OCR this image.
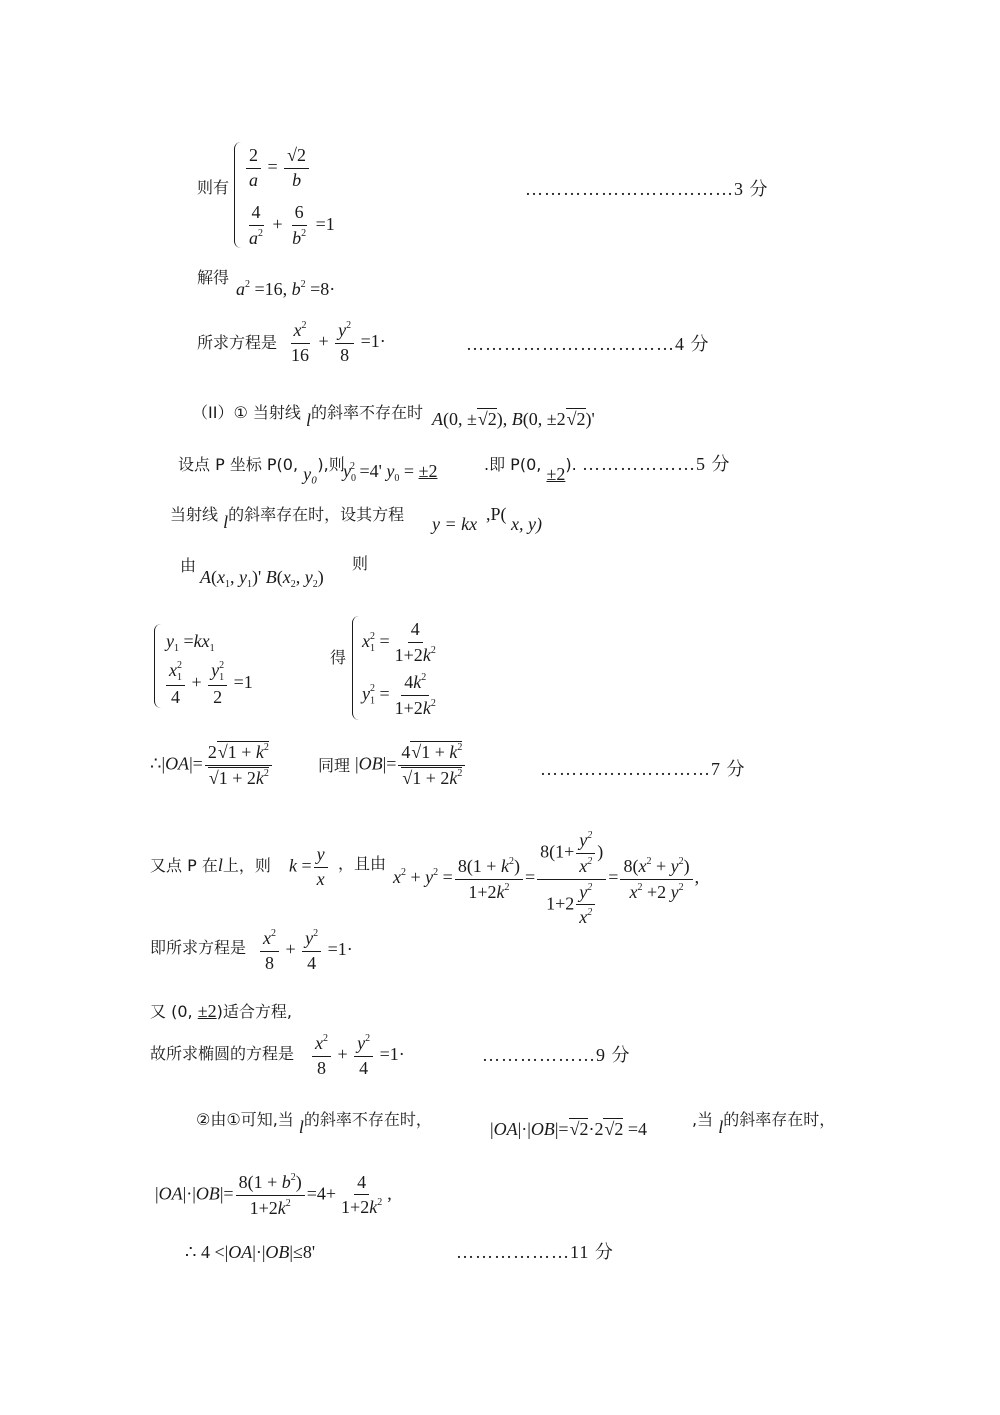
则有 $\frac{2}{a} = \frac{√2}{b}$
$\frac{4}{a^2} + \frac{6}{b^2} =1$
……………………………3 分
解得
$a^2 =16$, $b^2 =8\cdot$
所求方程是 $\frac{x^2}{16} + \frac{y^2}{8} =1\cdot$	……………………………4 分
（II）① 当射线 l的斜率不存在时 A(0, ±√2), B(0, ±2√2)'
设点 P 坐标 P(0, y₀),则
$y_0^2 =4'$ $y_0 = \pm 2$	.即 P(0, ±2). ………………5 分
当射线 l的斜率存在时，设其方程 y = kx ,P( x, y)
由
$A(x_1$, $y_1)'$ $B(x_2$, $y_2$)
则
$y_1 =kx_1$
$\frac{x_1^2}{4} + \frac{y_1^2}{2} =1$
得
$x_1^2 = \frac{4}{1+2k^2}$
$y_1^2 = \frac{4k^2}{1+2k^2}$
∴|OA|= $\frac{2√1 + k^2}{√1 + 2k^2}$	同理 $|OB|= \frac{4√1 + k^2}{√1 + 2k^2}$	………………………7 分
又点 P 在l上，则 $k = \frac{y}{x}$ ，且由
$x^2 + y^2 = \frac{8(1 + k^2)}{1+2k^2} = \frac{8(1+ \frac{y^2}{x^2} )}{1+2 \frac{y^2}{x^2}} = \frac{8(x^2 + y^2)}{x^2 +2 y^2}$ ,
即所求方程是 $\frac{x^2}{8} + \frac{y^2}{4} =1\cdot$
又 (0, ±2)适合方程,
故所求椭圆的方程是 $\frac{x^2}{8} + \frac{y^2}{4} =1\cdot$	………………9 分
②由①可知,当 l的斜率不存在时，	|OA|·|OB|=√2·2√2 =4	,当 l的斜率存在时，
$|OA|\cdot|OB|= \frac{8(1 + b^2)}{1+2k^2} =4+ \frac{4}{1+2k^2}$ ,
∴ 4 <|OA|·|OB|≤8'	………………11 分
